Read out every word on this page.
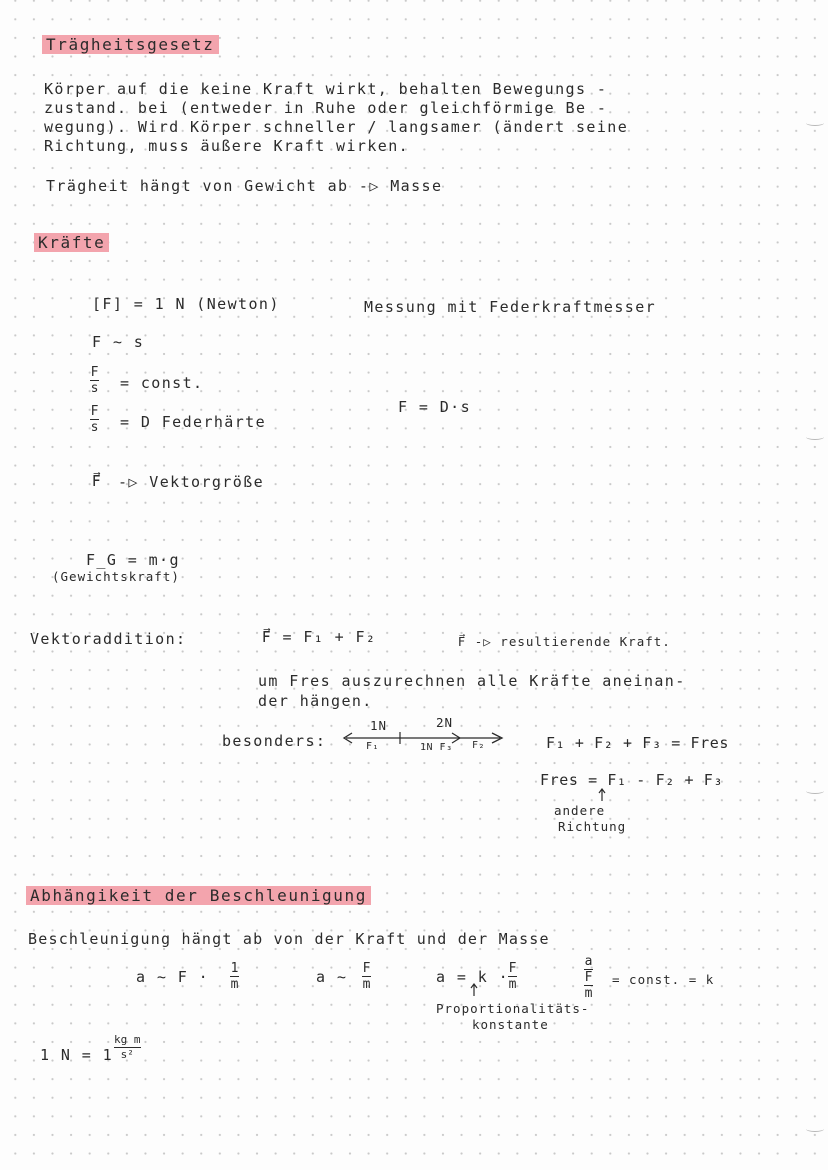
Trägheitsgesetz
Körper auf die keine Kraft wirkt, behalten Bewegungs -
zustand. bei (entweder in Ruhe oder gleichförmige Be -
wegung). Wird Körper schneller / langsamer (ändert seine
Richtung, muss äußere Kraft wirken.
Trägheit hängt von Gewicht ab -▷ Masse
Kräfte
[F] = 1 N (Newton)	Messung mit Federkraftmesser
F ∼ s
F
s = const.
F
s = D Federhärte
F = D·s
F⃗ -▷ Vektorgröße
F_G = m·g
(Gewichtskraft)
Vektoraddition:	F⃗ = F₁ + F₂	F⃗ -▷ resultierende Kraft.
um Fres auszurechnen alle Kräfte aneinan-
der hängen.
besonders:
1N	2N
F₁	1N F₃ F₂	F₁ + F₂ + F₃ = Fres
Fres = F₁ - F₂ + F₃
andere
Richtung
Abhängikeit der Beschleunigung
Beschleunigung hängt ab von der Kraft und der Masse
a ∼ F · 1
m	a ∼ F
m	a = k · F
m
Proportionalitäts-
konstante
a
$\frac{F}{m}$ = const. = k
1 N = 1
kg m
s²
